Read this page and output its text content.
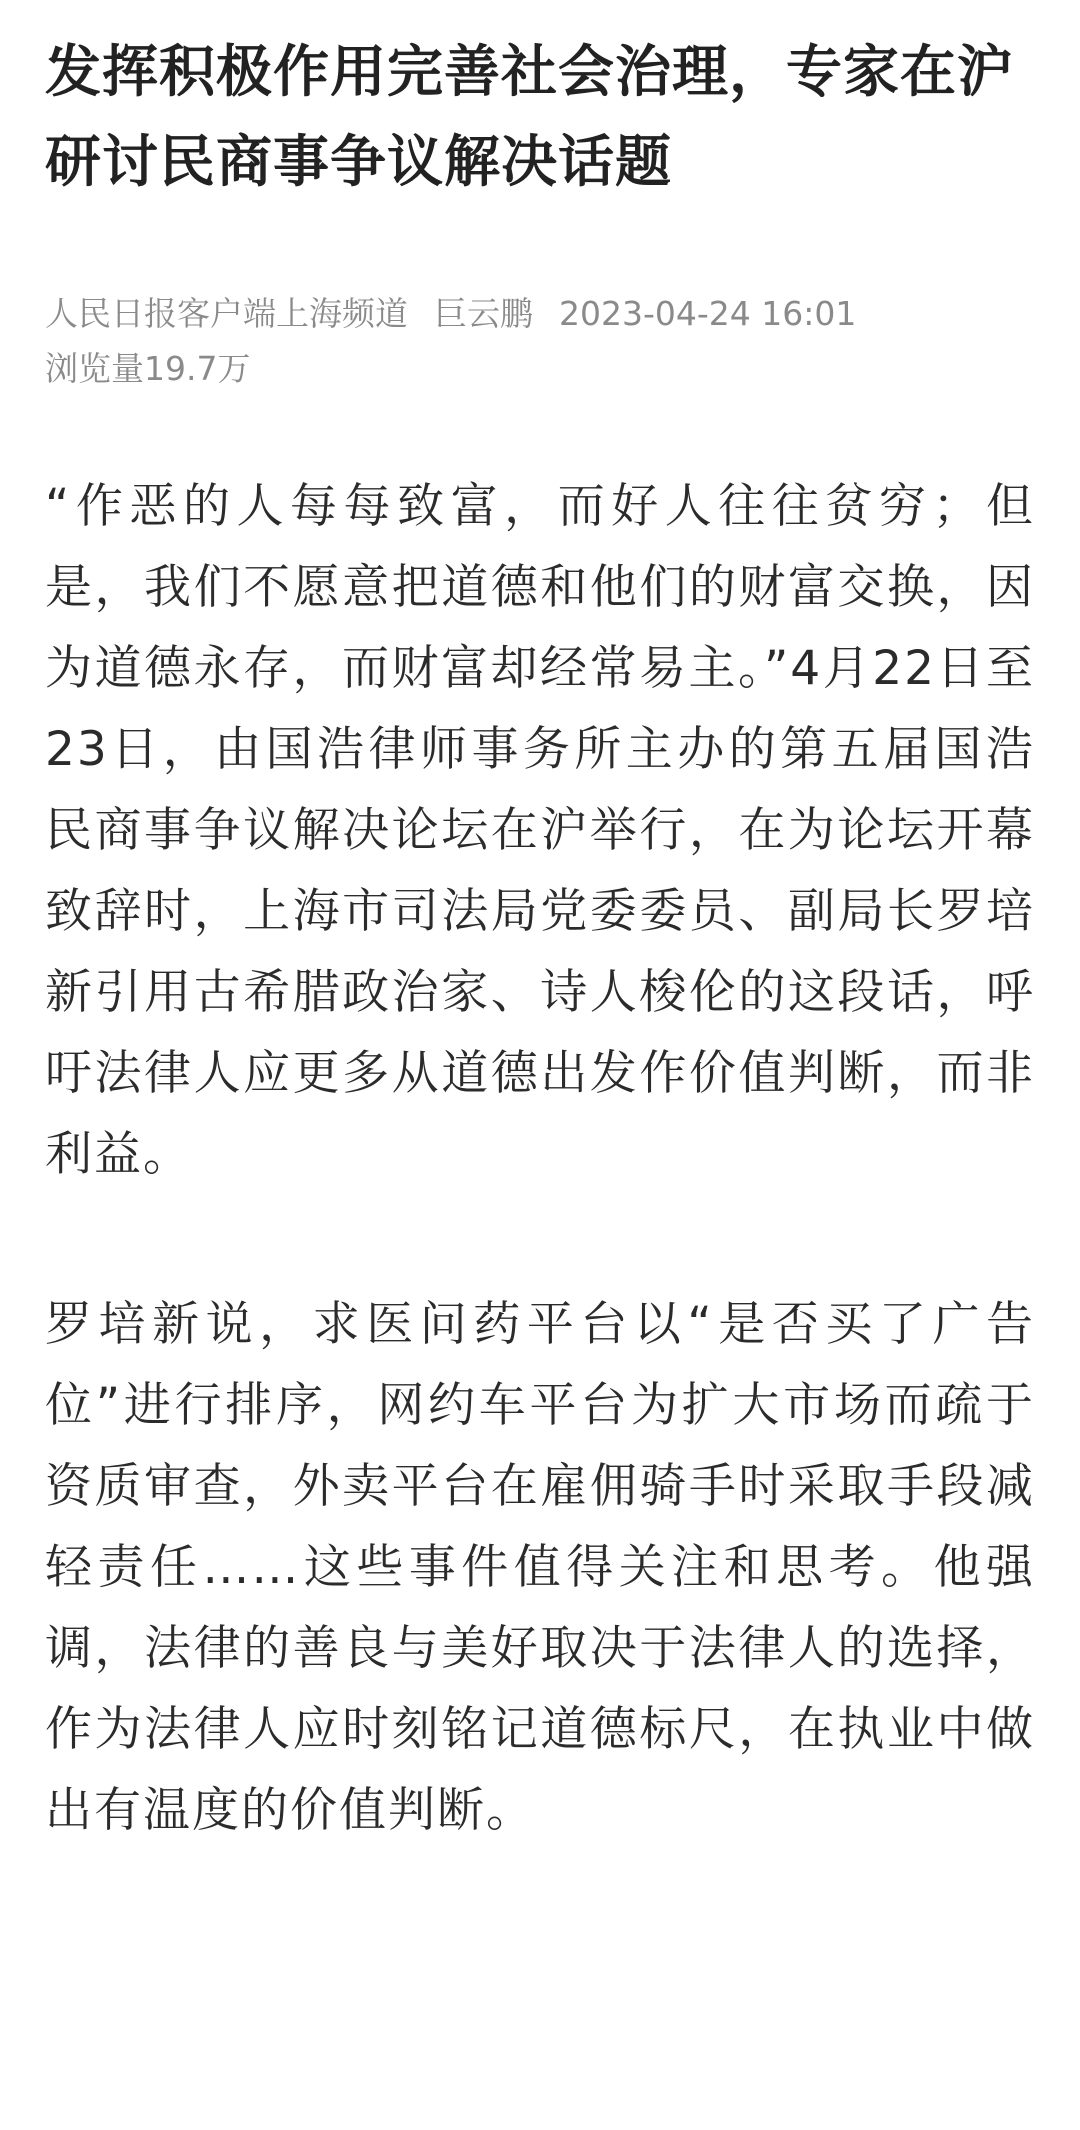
发挥积极作用完善社会治理，专家在沪研讨民商事争议解决话题
人民日报客户端上海频道 巨云鹏 2023-04-24 16:01
浏览量19.7万

“作恶的人每每致富，而好人往往贫穷；但是，我们不愿意把道德和他们的财富交换，因为道德永存，而财富却经常易主。”4月22日至23日，由国浩律师事务所主办的第五届国浩民商事争议解决论坛在沪举行，在为论坛开幕致辞时，上海市司法局党委委员、副局长罗培新引用古希腊政治家、诗人梭伦的这段话，呼吁法律人应更多从道德出发作价值判断，而非利益。

罗培新说，求医问药平台以“是否买了广告位”进行排序，网约车平台为扩大市场而疏于资质审查，外卖平台在雇佣骑手时采取手段减轻责任……这些事件值得关注和思考。他强调，法律的善良与美好取决于法律人的选择，作为法律人应时刻铭记道德标尺，在执业中做出有温度的价值判断。
